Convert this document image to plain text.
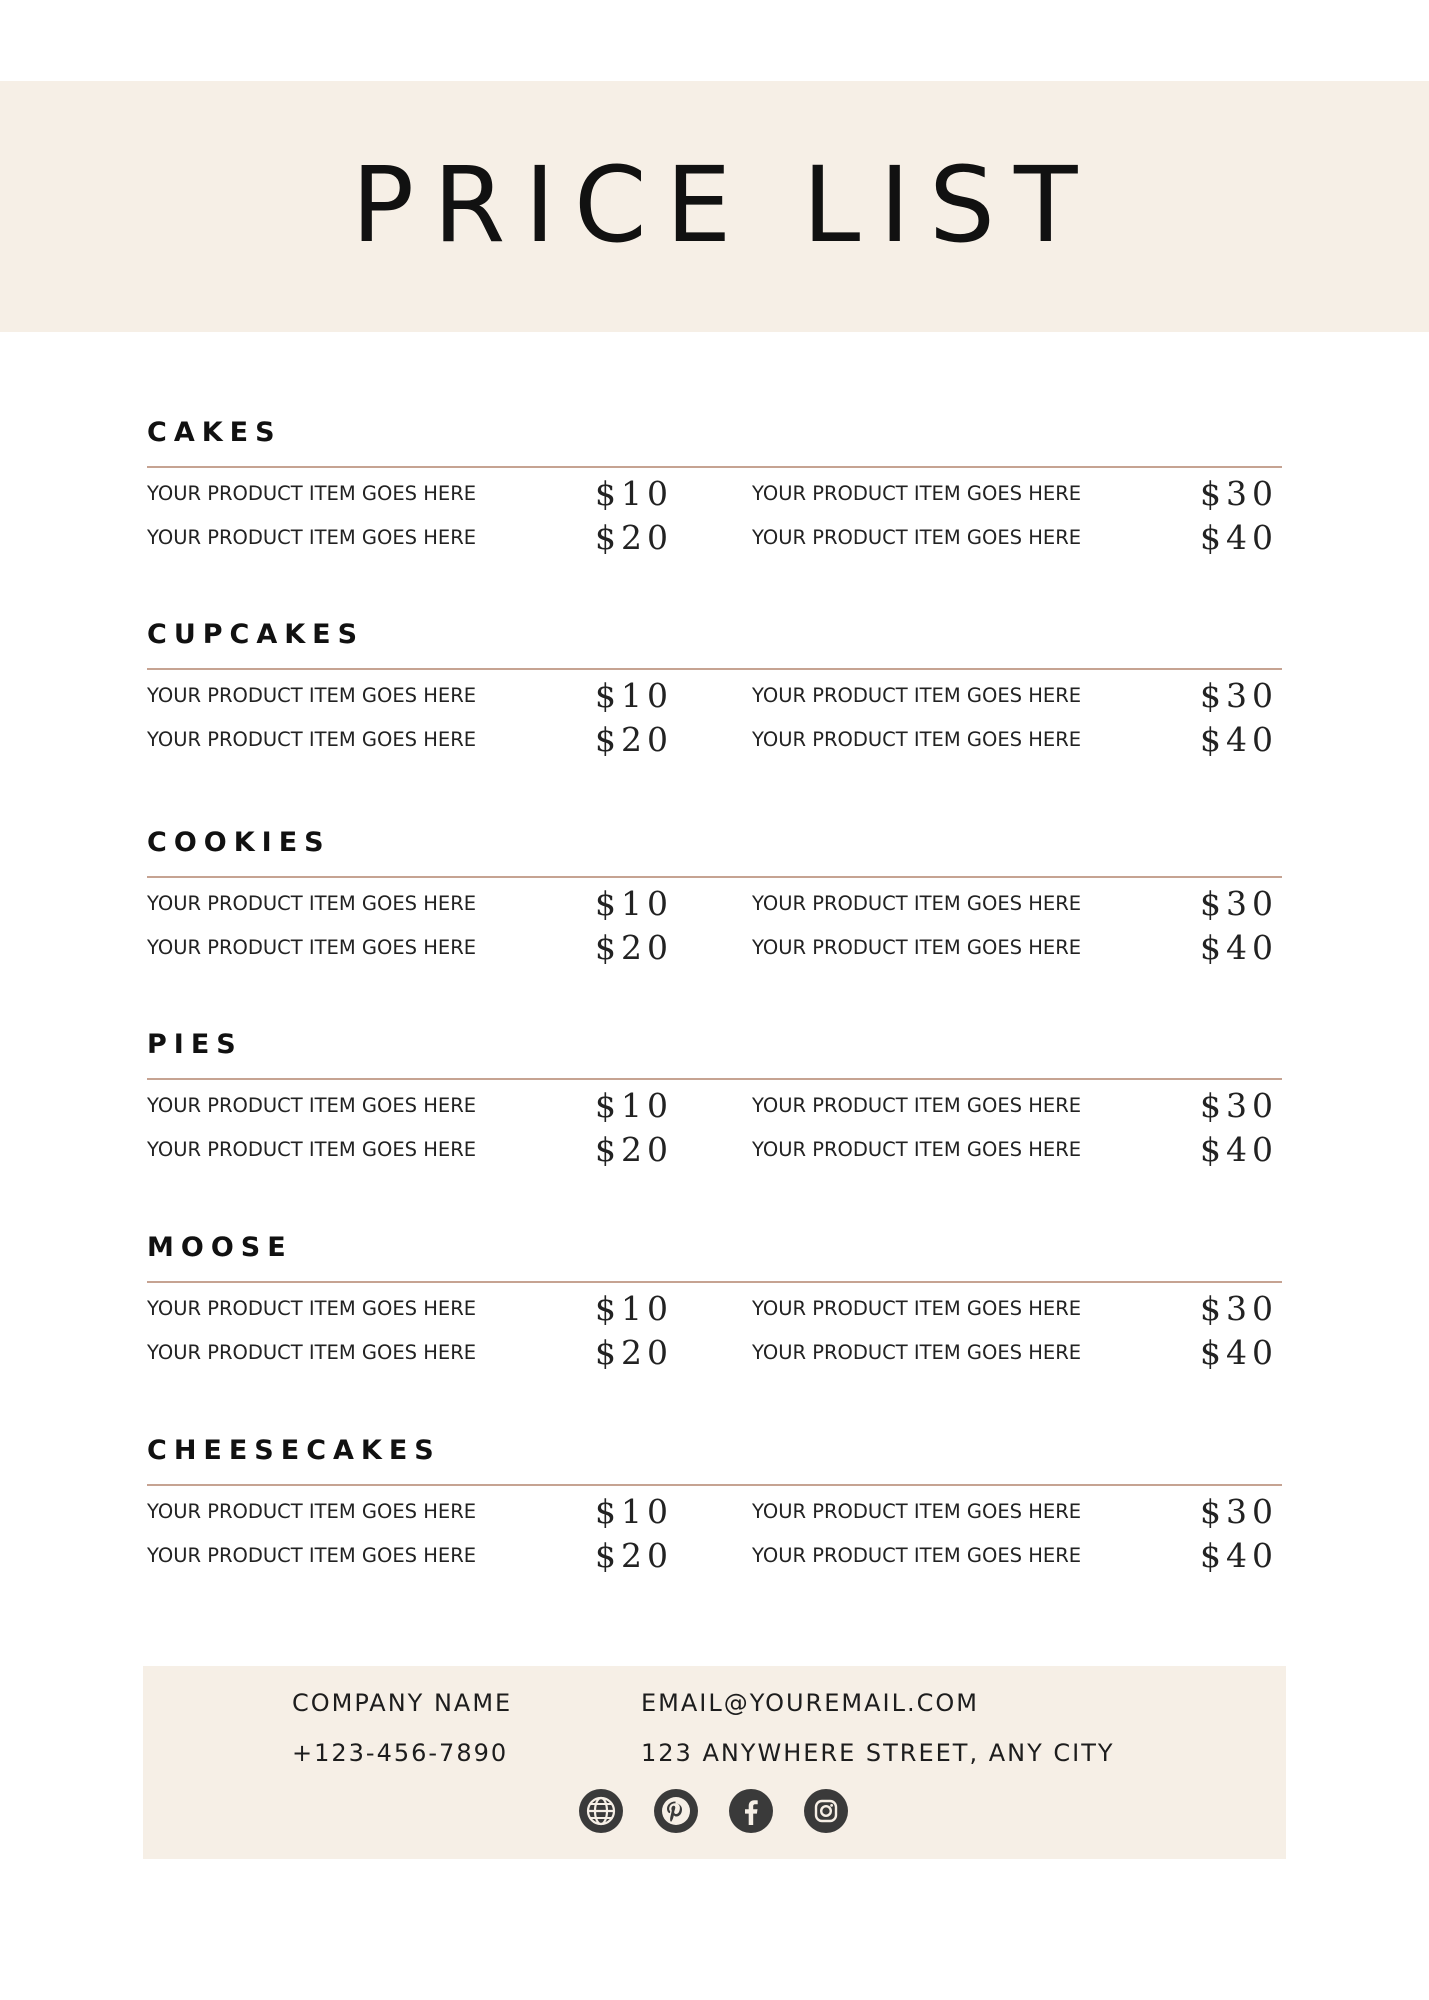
PRICE LIST
CAKES
YOUR PRODUCT ITEM GOES HERE	$10
YOUR PRODUCT ITEM GOES HERE	$20
YOUR PRODUCT ITEM GOES HERE	$30
YOUR PRODUCT ITEM GOES HERE	$40
CUPCAKES
YOUR PRODUCT ITEM GOES HERE	$10
YOUR PRODUCT ITEM GOES HERE	$20
YOUR PRODUCT ITEM GOES HERE	$30
YOUR PRODUCT ITEM GOES HERE	$40
COOKIES
YOUR PRODUCT ITEM GOES HERE	$10
YOUR PRODUCT ITEM GOES HERE	$20
YOUR PRODUCT ITEM GOES HERE	$30
YOUR PRODUCT ITEM GOES HERE	$40
PIES
YOUR PRODUCT ITEM GOES HERE	$10
YOUR PRODUCT ITEM GOES HERE	$20
YOUR PRODUCT ITEM GOES HERE	$30
YOUR PRODUCT ITEM GOES HERE	$40
MOOSE
YOUR PRODUCT ITEM GOES HERE	$10
YOUR PRODUCT ITEM GOES HERE	$20
YOUR PRODUCT ITEM GOES HERE	$30
YOUR PRODUCT ITEM GOES HERE	$40
CHEESECAKES
YOUR PRODUCT ITEM GOES HERE	$10
YOUR PRODUCT ITEM GOES HERE	$20
YOUR PRODUCT ITEM GOES HERE	$30
YOUR PRODUCT ITEM GOES HERE	$40
COMPANY NAME
+123-456-7890
EMAIL@YOUREMAIL.COM
123 ANYWHERE STREET, ANY CITY
